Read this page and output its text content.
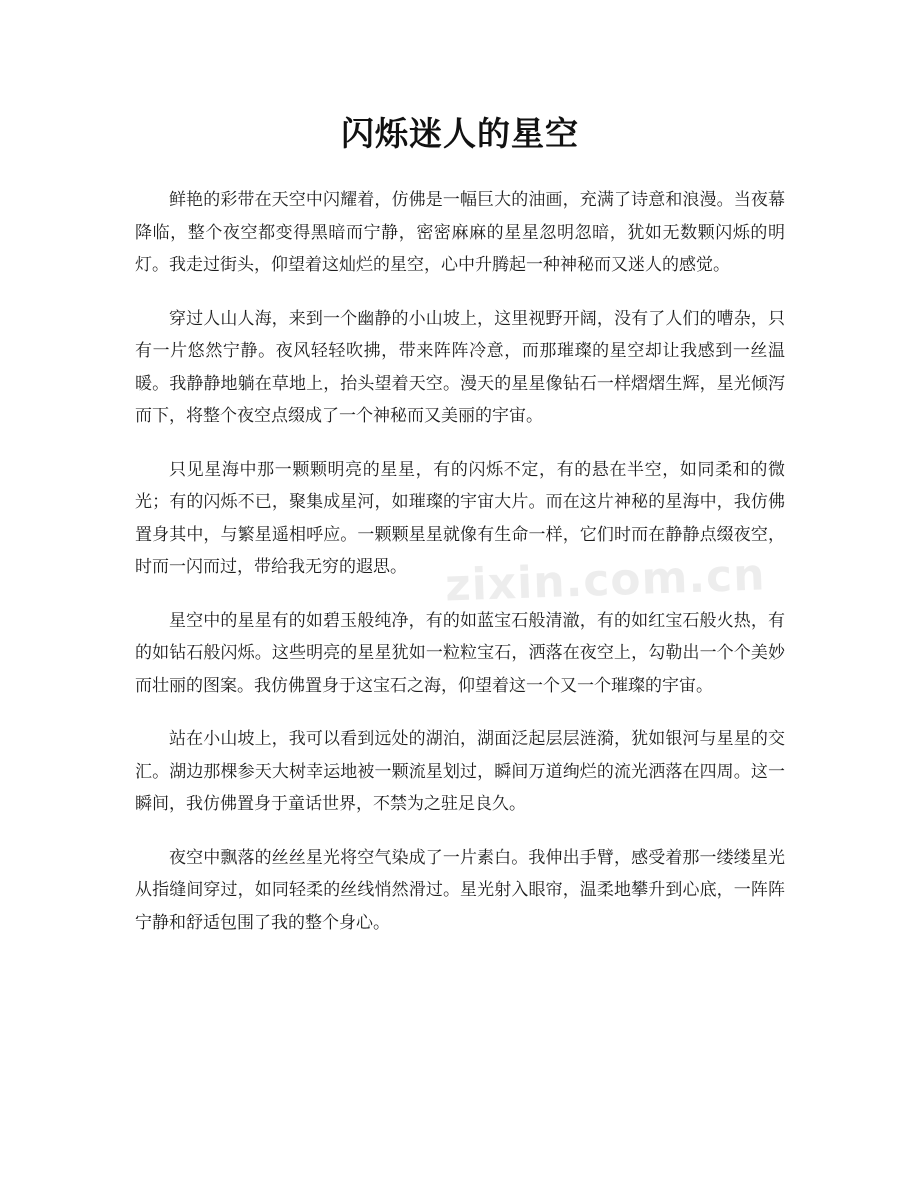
闪烁迷人的星空
zixin.com.cn

鲜艳的彩带在天空中闪耀着，仿佛是一幅巨大的油画，充满了诗意和浪漫。当夜幕降临，整个夜空都变得黑暗而宁静，密密麻麻的星星忽明忽暗，犹如无数颗闪烁的明灯。我走过街头，仰望着这灿烂的星空，心中升腾起一种神秘而又迷人的感觉。

穿过人山人海，来到一个幽静的小山坡上，这里视野开阔，没有了人们的嘈杂，只有一片悠然宁静。夜风轻轻吹拂，带来阵阵冷意，而那璀璨的星空却让我感到一丝温暖。我静静地躺在草地上，抬头望着天空。漫天的星星像钻石一样熠熠生辉，星光倾泻而下，将整个夜空点缀成了一个神秘而又美丽的宇宙。

只见星海中那一颗颗明亮的星星，有的闪烁不定，有的悬在半空，如同柔和的微光；有的闪烁不已，聚集成星河，如璀璨的宇宙大片。而在这片神秘的星海中，我仿佛置身其中，与繁星遥相呼应。一颗颗星星就像有生命一样，它们时而在静静点缀夜空，时而一闪而过，带给我无穷的遐思。

星空中的星星有的如碧玉般纯净，有的如蓝宝石般清澈，有的如红宝石般火热，有的如钻石般闪烁。这些明亮的星星犹如一粒粒宝石，洒落在夜空上，勾勒出一个个美妙而壮丽的图案。我仿佛置身于这宝石之海，仰望着这一个又一个璀璨的宇宙。

站在小山坡上，我可以看到远处的湖泊，湖面泛起层层涟漪，犹如银河与星星的交汇。湖边那棵参天大树幸运地被一颗流星划过，瞬间万道绚烂的流光洒落在四周。这一瞬间，我仿佛置身于童话世界，不禁为之驻足良久。

夜空中飘落的丝丝星光将空气染成了一片素白。我伸出手臂，感受着那一缕缕星光从指缝间穿过，如同轻柔的丝线悄然滑过。星光射入眼帘，温柔地攀升到心底，一阵阵宁静和舒适包围了我的整个身心。
